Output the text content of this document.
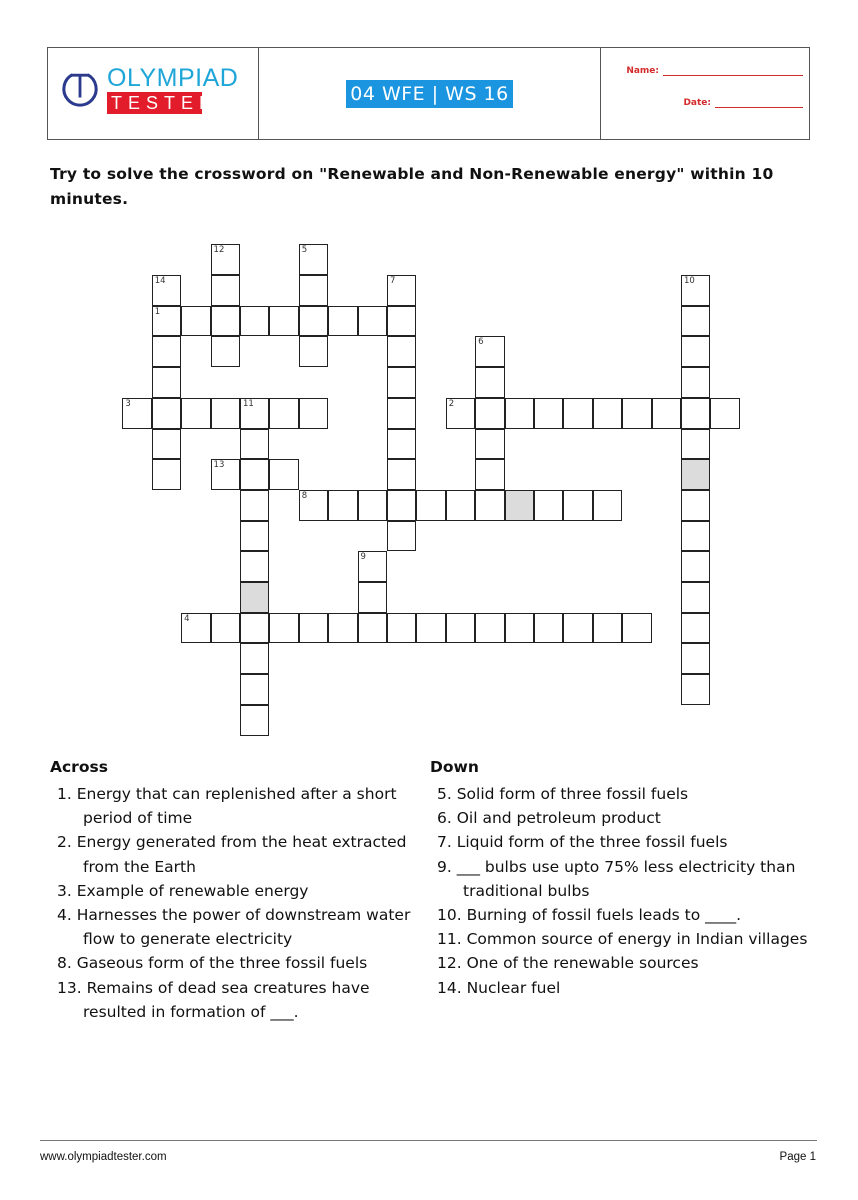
OLYMPIAD
TESTER	04 WFE | WS 16
Name:
Date:
Try to solve the crossword on "Renewable and Non-Renewable energy" within 10 minutes.
1
2
3	11
4
8
13
5
6
7
9
10
12
14
Across
1. Energy that can replenished after a short period of time
2. Energy generated from the heat extracted from the Earth
3. Example of renewable energy
4. Harnesses the power of downstream water flow to generate electricity
8. Gaseous form of the three fossil fuels
13. Remains of dead sea creatures have resulted in formation of ___.
Down
5. Solid form of three fossil fuels
6. Oil and petroleum product
7. Liquid form of the three fossil fuels
9. ___ bulbs use upto 75% less electricity than traditional bulbs
10. Burning of fossil fuels leads to ____.
11. Common source of energy in Indian villages
12. One of the renewable sources
14. Nuclear fuel
www.olympiadtester.com	Page 1
